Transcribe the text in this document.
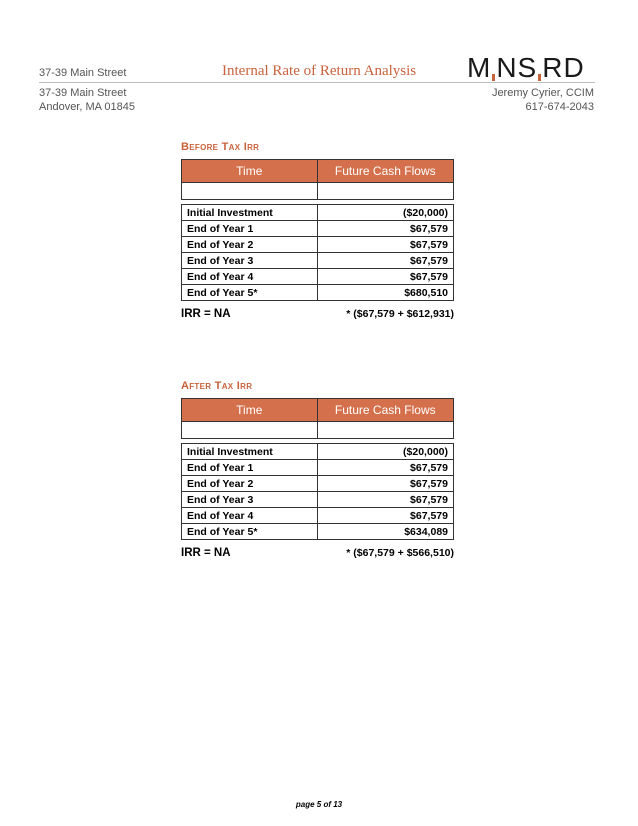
37-39 Main Street	Internal Rate of Return Analysis M NS RD
37-39 Main Street
Andover, MA 01845
Jeremy Cyrier, CCIM
617-674-2043
Before Tax Irr
Time	Future Cash Flows

Initial Investment	($20,000)
End of Year 1	$67,579
End of Year 2	$67,579
End of Year 3	$67,579
End of Year 4	$67,579
End of Year 5*	$680,510
IRR = NA	* ($67,579 + $612,931)
After Tax Irr
Time	Future Cash Flows

Initial Investment	($20,000)
End of Year 1	$67,579
End of Year 2	$67,579
End of Year 3	$67,579
End of Year 4	$67,579
End of Year 5*	$634,089
IRR = NA	* ($67,579 + $566,510)
page 5 of 13
